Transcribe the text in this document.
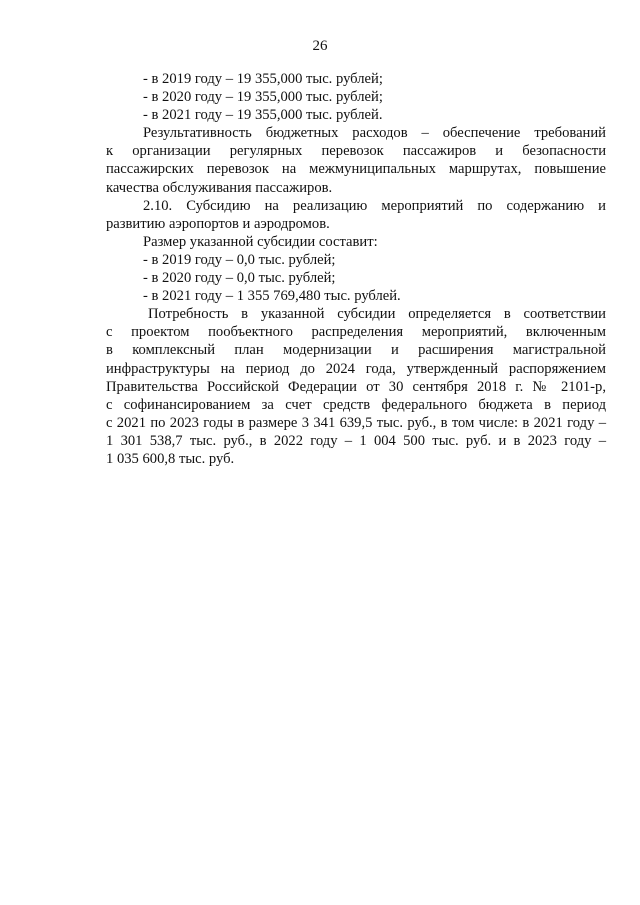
26
- в 2019 году – 19 355,000 тыс. рублей;
- в 2020 году – 19 355,000 тыс. рублей;
- в 2021 году – 19 355,000 тыс. рублей.
Результативность бюджетных расходов – обеспечение требований
к организации регулярных перевозок пассажиров и безопасности
пассажирских перевозок на межмуниципальных маршрутах, повышение
качества обслуживания пассажиров.
2.10. Субсидию на реализацию мероприятий по содержанию и
развитию аэропортов и аэродромов.
Размер указанной субсидии составит:
- в 2019 году – 0,0 тыс. рублей;
- в 2020 году – 0,0 тыс. рублей;
- в 2021 году – 1 355 769,480 тыс. рублей.
Потребность в указанной субсидии определяется в соответствии
с проектом пообъектного распределения мероприятий, включенным
в комплексный план модернизации и расширения магистральной
инфраструктуры на период до 2024 года, утвержденный распоряжением
Правительства Российской Федерации от 30 сентября 2018 г. № 2101-р,
с софинансированием за счет средств федерального бюджета в период
с 2021 по 2023 годы в размере 3 341 639,5 тыс. руб., в том числе: в 2021 году –
1 301 538,7 тыс. руб., в 2022 году – 1 004 500 тыс. руб. и в 2023 году –
1 035 600,8 тыс. руб.
